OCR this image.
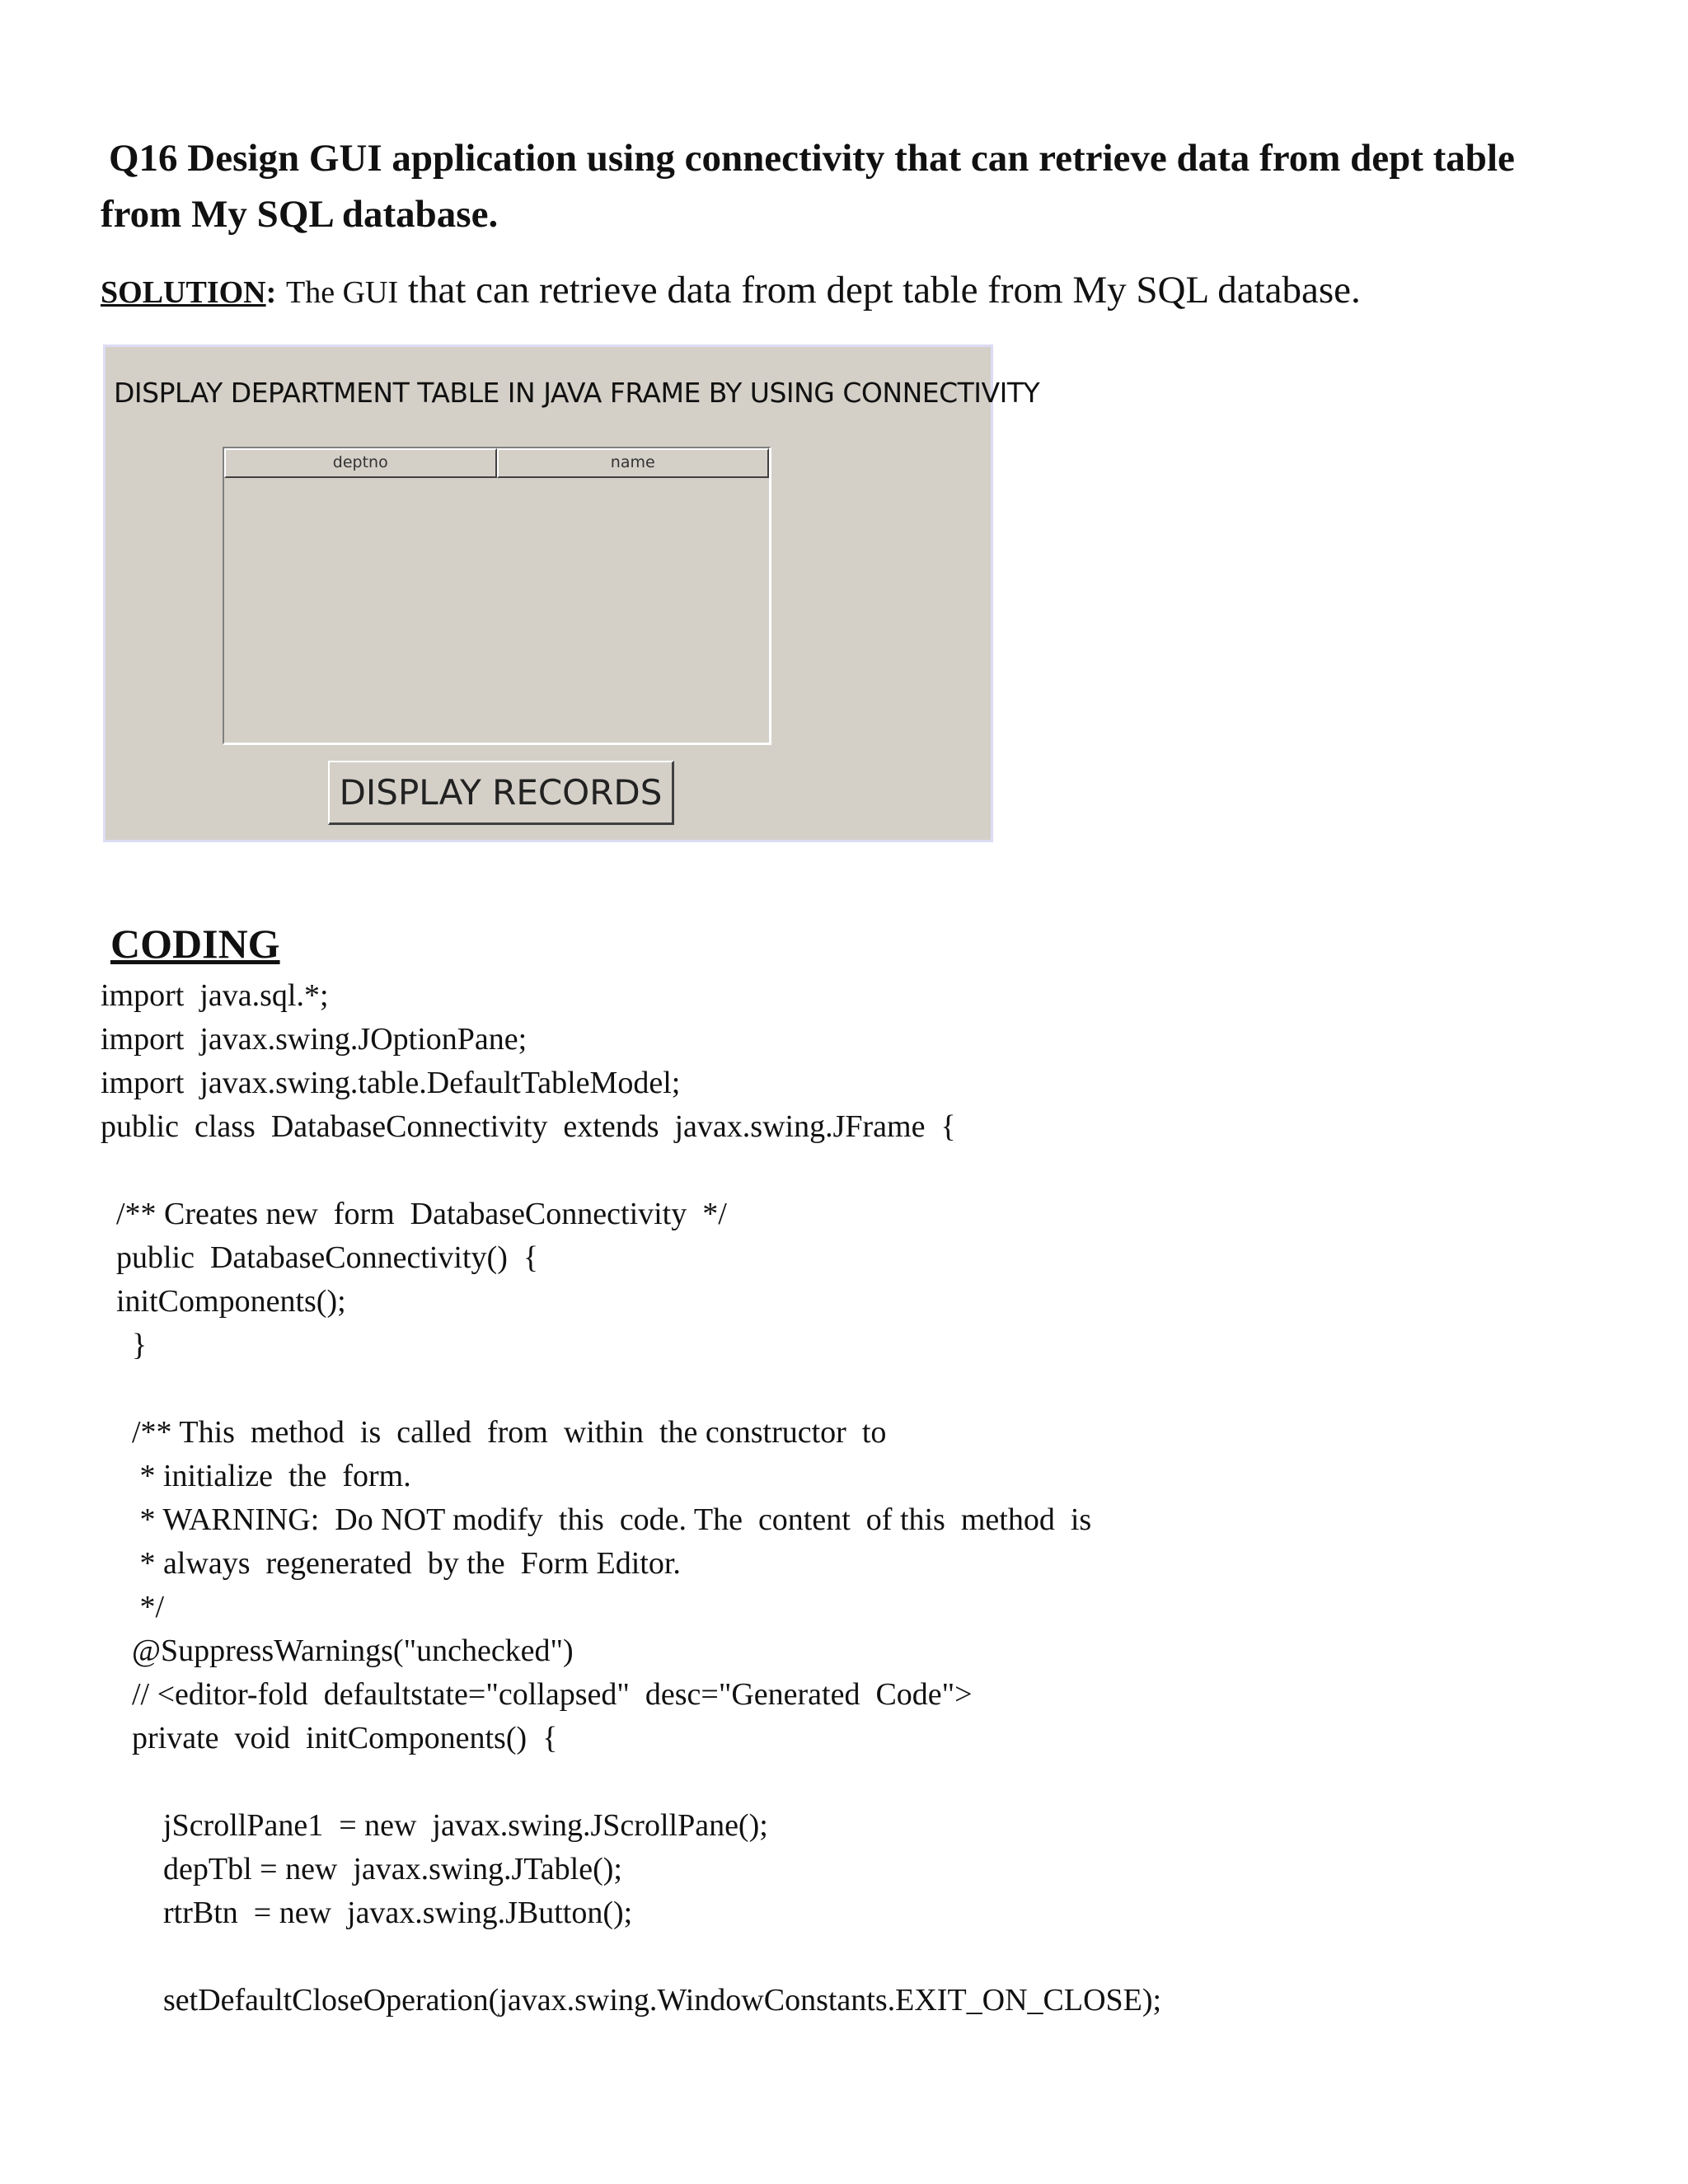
Q16 Design GUI application using connectivity that can retrieve data from dept table
from My SQL database.

SOLUTION: The GUI that can retrieve data from dept table from My SQL database.
DISPLAY DEPARTMENT TABLE IN JAVA FRAME BY USING CONNECTIVITY
deptno	name
DISPLAY RECORDS
CODING
import  java.sql.*;
import  javax.swing.JOptionPane;
import  javax.swing.table.DefaultTableModel;
public  class  DatabaseConnectivity  extends  javax.swing.JFrame  {
/** Creates new  form  DatabaseConnectivity  */
public  DatabaseConnectivity()  {
initComponents();
}
/** This  method  is  called  from  within  the constructor  to
* initialize  the  form.
* WARNING:  Do NOT modify  this  code. The  content  of this  method  is
* always  regenerated  by the  Form Editor.
*/
@SuppressWarnings("unchecked")
// <editor-fold  defaultstate="collapsed"  desc="Generated  Code">
private  void  initComponents()  {
jScrollPane1  = new  javax.swing.JScrollPane();
depTbl = new  javax.swing.JTable();
rtrBtn  = new  javax.swing.JButton();
setDefaultCloseOperation(javax.swing.WindowConstants.EXIT_ON_CLOSE);
